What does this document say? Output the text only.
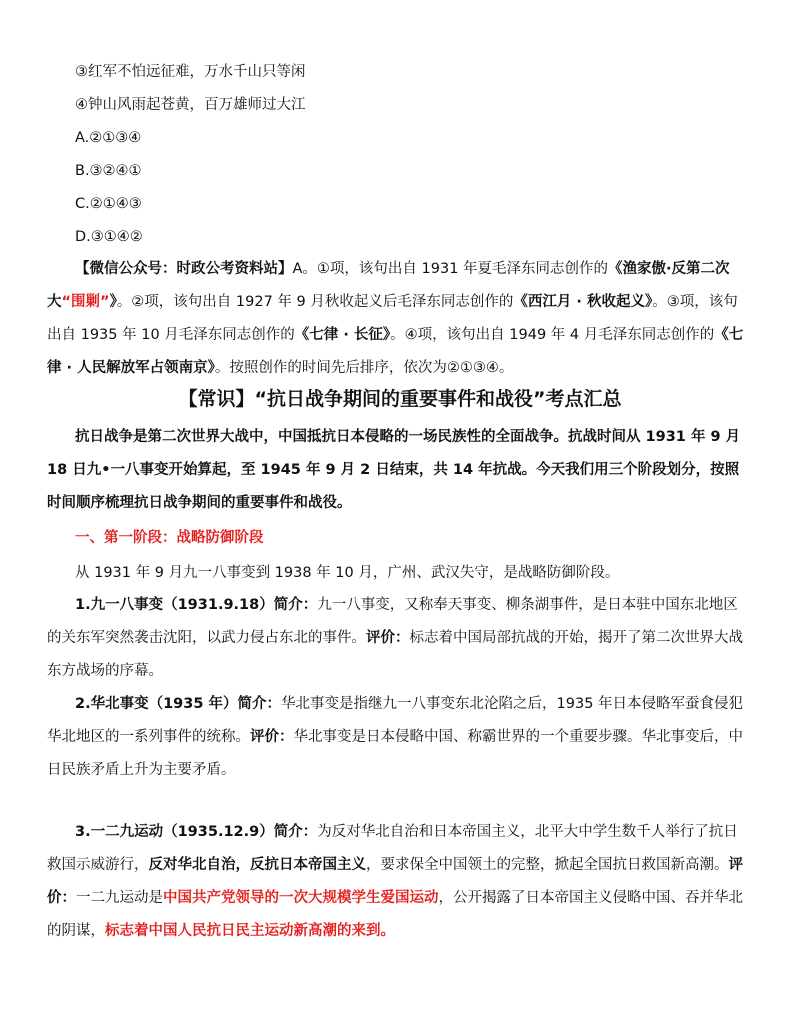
③红军不怕远征难，万水千山只等闲
④钟山风雨起苍黄，百万雄师过大江
A.②①③④
B.③②④①
C.②①④③
D.③①④②
【微信公众号：时政公考资料站】A。①项，该句出自 1931 年夏毛泽东同志创作的《渔家傲·反第二次大“围剿”》。②项，该句出自 1927 年 9 月秋收起义后毛泽东同志创作的《西江月 · 秋收起义》。③项，该句出自 1935 年 10 月毛泽东同志创作的《七律 · 长征》。④项，该句出自 1949 年 4 月毛泽东同志创作的《七律 · 人民解放军占领南京》。按照创作的时间先后排序，依次为②①③④。
【常识】“抗日战争期间的重要事件和战役”考点汇总
抗日战争是第二次世界大战中，中国抵抗日本侵略的一场民族性的全面战争。抗战时间从 1931 年 9 月 18 日九•一八事变开始算起，至 1945 年 9 月 2 日结束，共 14 年抗战。今天我们用三个阶段划分，按照时间顺序梳理抗日战争期间的重要事件和战役。
一、第一阶段：战略防御阶段
从 1931 年 9 月九一八事变到 1938 年 10 月，广州、武汉失守，是战略防御阶段。
1.九一八事变（1931.9.18）简介：九一八事变，又称奉天事变、柳条湖事件，是日本驻中国东北地区的关东军突然袭击沈阳，以武力侵占东北的事件。评价：标志着中国局部抗战的开始，揭开了第二次世界大战东方战场的序幕。
2.华北事变（1935 年）简介：华北事变是指继九一八事变东北沦陷之后，1935 年日本侵略军蚕食侵犯华北地区的一系列事件的统称。评价：华北事变是日本侵略中国、称霸世界的一个重要步骤。华北事变后，中日民族矛盾上升为主要矛盾。
3.一二九运动（1935.12.9）简介：为反对华北自治和日本帝国主义，北平大中学生数千人举行了抗日救国示威游行，反对华北自治，反抗日本帝国主义，要求保全中国领土的完整，掀起全国抗日救国新高潮。评价：一二九运动是中国共产党领导的一次大规模学生爱国运动，公开揭露了日本帝国主义侵略中国、吞并华北的阴谋，标志着中国人民抗日民主运动新高潮的来到。
